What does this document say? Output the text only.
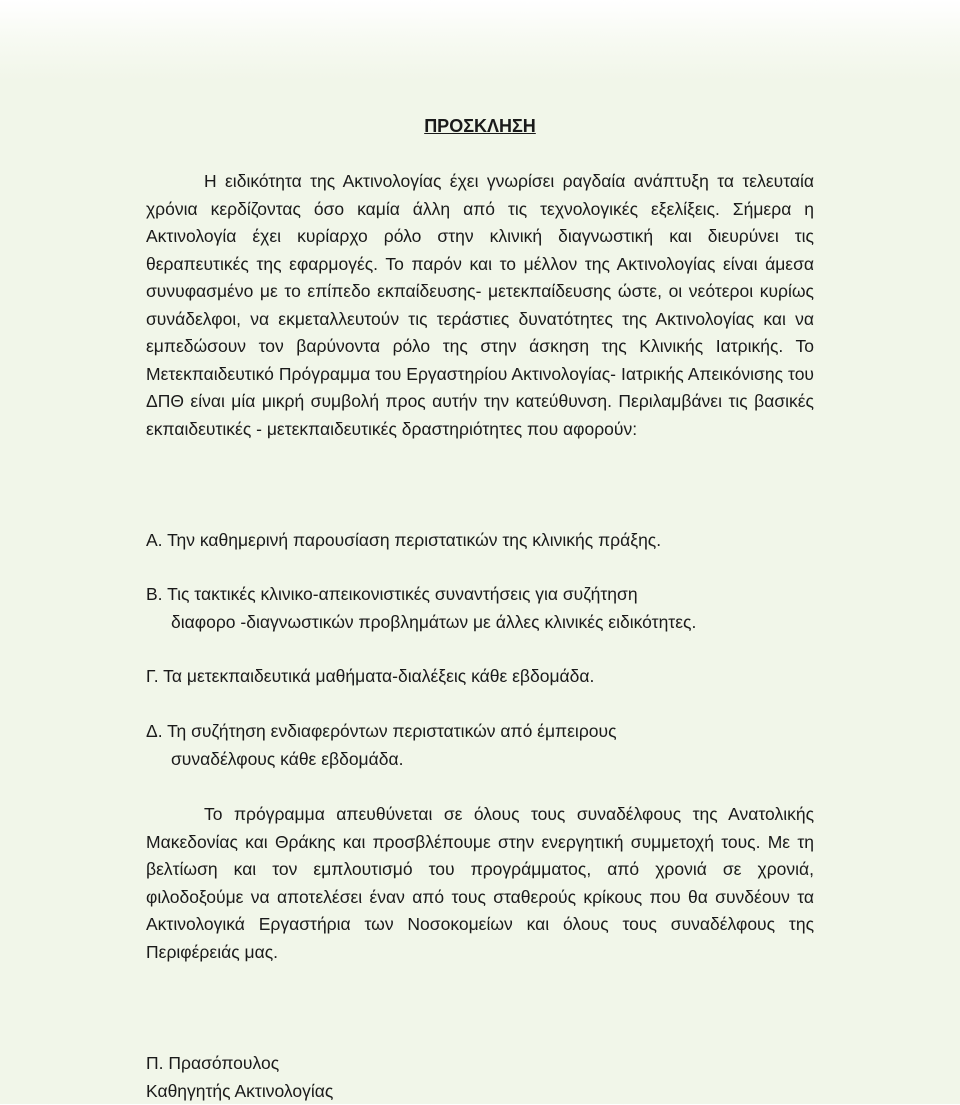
ΠΡΟΣΚΛΗΣΗ

Η ειδικότητα της Ακτινολογίας έχει γνωρίσει ραγδαία ανάπτυξη τα τελευταία χρόνια κερδίζοντας όσο καμία άλλη από τις τεχνολογικές εξελίξεις. Σήμερα η Ακτινολογία έχει κυρίαρχο ρόλο στην κλινική διαγνωστική και διευρύνει τις θεραπευτικές της εφαρμογές. Το παρόν και το μέλλον της Ακτινολογίας είναι άμεσα συνυφασμένο με το επίπεδο εκπαίδευσης- μετεκπαίδευσης ώστε, οι νεότεροι κυρίως συνάδελφοι, να εκμεταλλευτούν τις τεράστιες δυνατότητες της Ακτινολογίας και να εμπεδώσουν τον βαρύνοντα ρόλο της στην άσκηση της Κλινικής Ιατρικής. Το Μετεκπαιδευτικό Πρόγραμμα του Εργαστηρίου Ακτινολογίας- Ιατρικής Απεικόνισης του ΔΠΘ είναι μία μικρή συμβολή προς αυτήν την κατεύθυνση. Περιλαμβάνει τις βασικές εκπαιδευτικές - μετεκπαιδευτικές δραστηριότητες που αφορούν:

Α. Την καθημερινή παρουσίαση περιστατικών της κλινικής πράξης.
Β. Τις τακτικές κλινικο-απεικονιστικές συναντήσεις για συζήτηση
διαφορο -διαγνωστικών προβλημάτων με άλλες κλινικές ειδικότητες.
Γ. Τα μετεκπαιδευτικά μαθήματα-διαλέξεις κάθε εβδομάδα.
Δ. Τη συζήτηση ενδιαφερόντων περιστατικών από έμπειρους
συναδέλφους κάθε εβδομάδα.

Το πρόγραμμα απευθύνεται σε όλους τους συναδέλφους της Ανατολικής Μακεδονίας και Θράκης και προσβλέπουμε στην ενεργητική συμμετοχή τους. Με τη βελτίωση και τον εμπλουτισμό του προγράμματος, από χρονιά σε χρονιά, φιλοδοξούμε να αποτελέσει έναν από τους σταθερούς κρίκους που θα συνδέουν τα Ακτινολογικά Εργαστήρια των Νοσοκομείων και όλους τους συναδέλφους της Περιφέρειάς μας.

Π. Πρασόπουλος
Καθηγητής Ακτινολογίας
